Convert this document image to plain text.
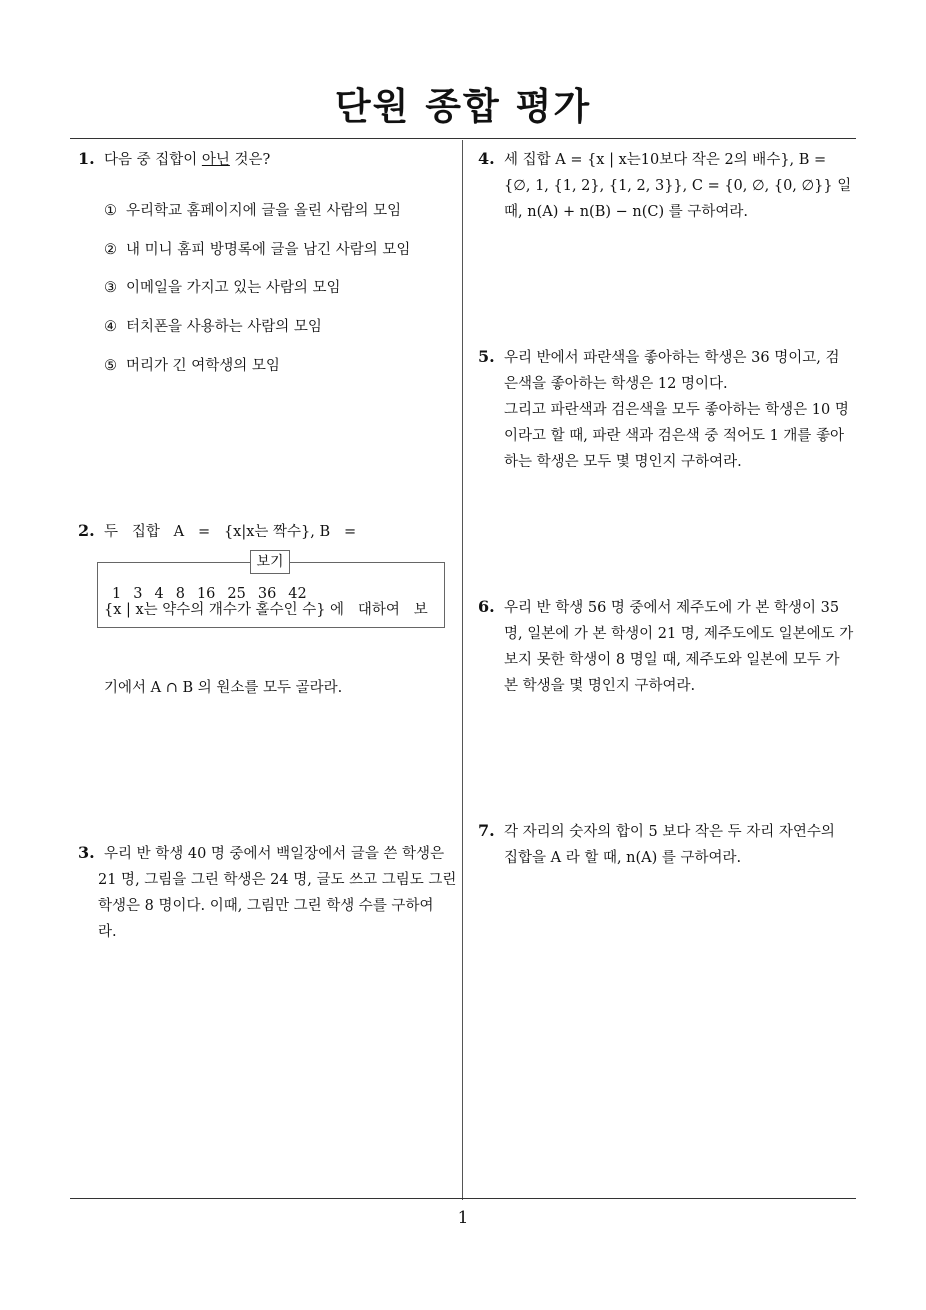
단원 종합 평가
1
1. 다음 중 집합이 아닌 것은?
① 우리학교 홈페이지에 글을 올린 사람의 모임
② 내 미니 홈피 방명록에 글을 남긴 사람의 모임
③ 이메일을 가지고 있는 사람의 모임
④ 터치폰을 사용하는 사람의 모임
⑤ 머리가 긴 여학생의 모임

2. 두   집합   A   =   {x|x는 짝수}, B   =

{x | x는 약수의 개수가 홀수인 수} 에   대하여   보

기에서 A ∩ B 의 원소를 모두 골라라.

보기
1 3 4 8 16 25 36 42
3. 우리 반 학생 40 명 중에서 백일장에서 글을 쓴 학생은
21 명, 그림을 그린 학생은 24 명, 글도 쓰고 그림도 그린
학생은 8 명이다. 이때, 그림만 그린 학생 수를 구하여
라.
4. 세 집합 A = {x | x는10보다 작은 2의 배수}, B =
{∅, 1, {1, 2}, {1, 2, 3}}, C = {0, ∅, {0, ∅}} 일
때, n(A) + n(B) − n(C) 를 구하여라.
5. 우리 반에서 파란색을 좋아하는 학생은 36 명이고, 검
은색을 좋아하는 학생은 12 명이다.
그리고 파란색과 검은색을 모두 좋아하는 학생은 10 명
이라고 할 때, 파란 색과 검은색 중 적어도 1 개를 좋아
하는 학생은 모두 몇 명인지 구하여라.
6. 우리 반 학생 56 명 중에서 제주도에 가 본 학생이 35
명, 일본에 가 본 학생이 21 명, 제주도에도 일본에도 가
보지 못한 학생이 8 명일 때, 제주도와 일본에 모두 가
본 학생을 몇 명인지 구하여라.
7. 각 자리의 숫자의 합이 5 보다 작은 두 자리 자연수의
집합을 A 라 할 때, n(A) 를 구하여라.
